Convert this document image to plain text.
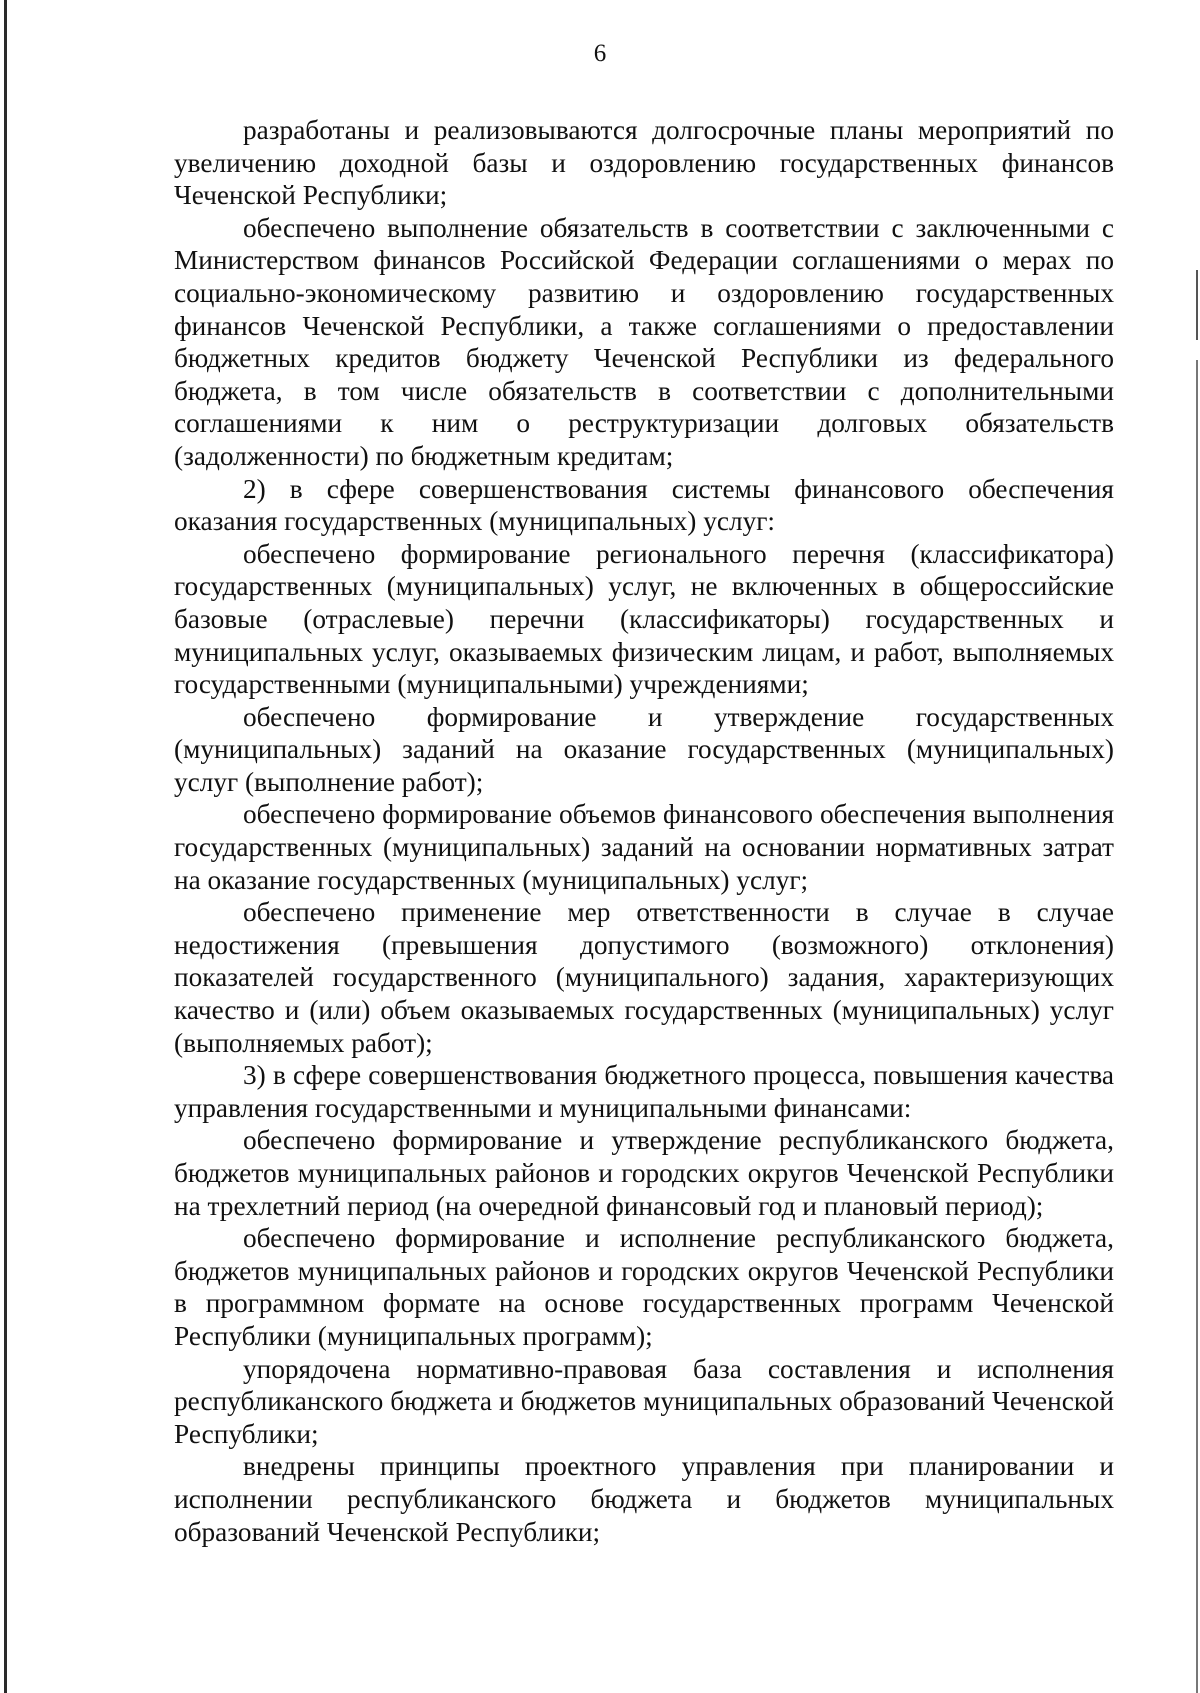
6

разработаны и реализовываются долгосрочные планы мероприятий по увеличению доходной базы и оздоровлению государственных финансов Чеченской Республики;

обеспечено выполнение обязательств в соответствии с заключенными с Министерством финансов Российской Федерации соглашениями о мерах по социально-экономическому развитию и оздоровлению государственных финансов Чеченской Республики, а также соглашениями о предоставлении бюджетных кредитов бюджету Чеченской Республики из федерального бюджета, в том числе обязательств в соответствии с дополнительными соглашениями к ним о реструктуризации долговых обязательств (задолженности) по бюджетным кредитам;

2) в сфере совершенствования системы финансового обеспечения оказания государственных (муниципальных) услуг:

обеспечено формирование регионального перечня (классификатора) государственных (муниципальных) услуг, не включенных в общероссийские базовые (отраслевые) перечни (классификаторы) государственных и муниципальных услуг, оказываемых физическим лицам, и работ, выполняемых государственными (муниципальными) учреждениями;

обеспечено формирование и утверждение государственных (муниципальных) заданий на оказание государственных (муниципальных) услуг (выполнение работ);

обеспечено формирование объемов финансового обеспечения выполнения государственных (муниципальных) заданий на основании нормативных затрат на оказание государственных (муниципальных) услуг;

обеспечено применение мер ответственности в случае в случае недостижения (превышения допустимого (возможного) отклонения) показателей государственного (муниципального) задания, характеризующих качество и (или) объем оказываемых государственных (муниципальных) услуг (выполняемых работ);

3) в сфере совершенствования бюджетного процесса, повышения качества управления государственными и муниципальными финансами:

обеспечено формирование и утверждение республиканского бюджета, бюджетов муниципальных районов и городских округов Чеченской Республики на трехлетний период (на очередной финансовый год и плановый период);

обеспечено формирование и исполнение республиканского бюджета, бюджетов муниципальных районов и городских округов Чеченской Республики в программном формате на основе государственных программ Чеченской Республики (муниципальных программ);

упорядочена нормативно-правовая база составления и исполнения республиканского бюджета и бюджетов муниципальных образований Чеченской Республики;

внедрены принципы проектного управления при планировании и исполнении республиканского бюджета и бюджетов муниципальных образований Чеченской Республики;
